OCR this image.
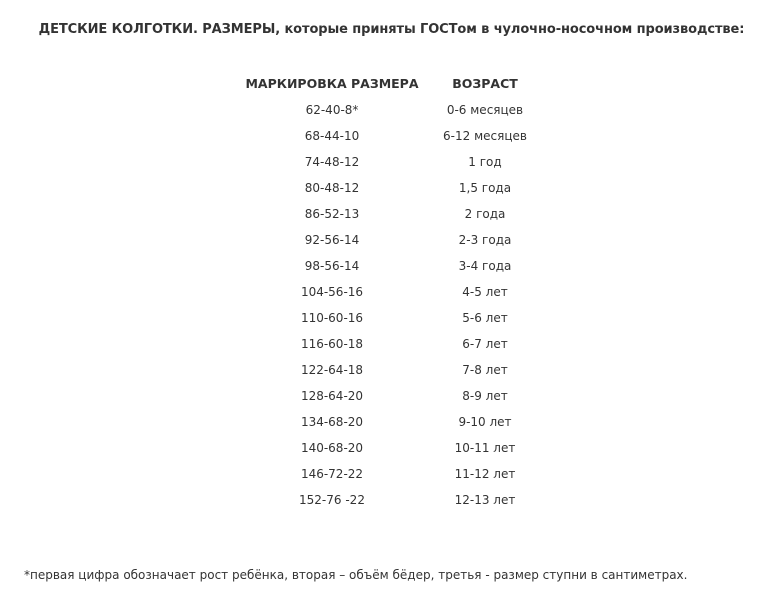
ДЕТСКИЕ КОЛГОТКИ. РАЗМЕРЫ, которые приняты ГОСТом в чулочно-носочном производстве:
МАРКИРОВКА РАЗМЕРА	ВОЗРАСТ
62-40-8*	0-6 месяцев
68-44-10	6-12 месяцев
74-48-12	1 год
80-48-12	1,5 года
86-52-13	2 года
92-56-14	2-3 года
98-56-14	3-4 года
104-56-16	4-5 лет
110-60-16	5-6 лет
116-60-18	6-7 лет
122-64-18	7-8 лет
128-64-20	8-9 лет
134-68-20	9-10 лет
140-68-20	10-11 лет
146-72-22	11-12 лет
152-76 -22	12-13 лет
*первая цифра обозначает рост ребёнка, вторая – объём бёдер, третья - размер ступни в сантиметрах.
